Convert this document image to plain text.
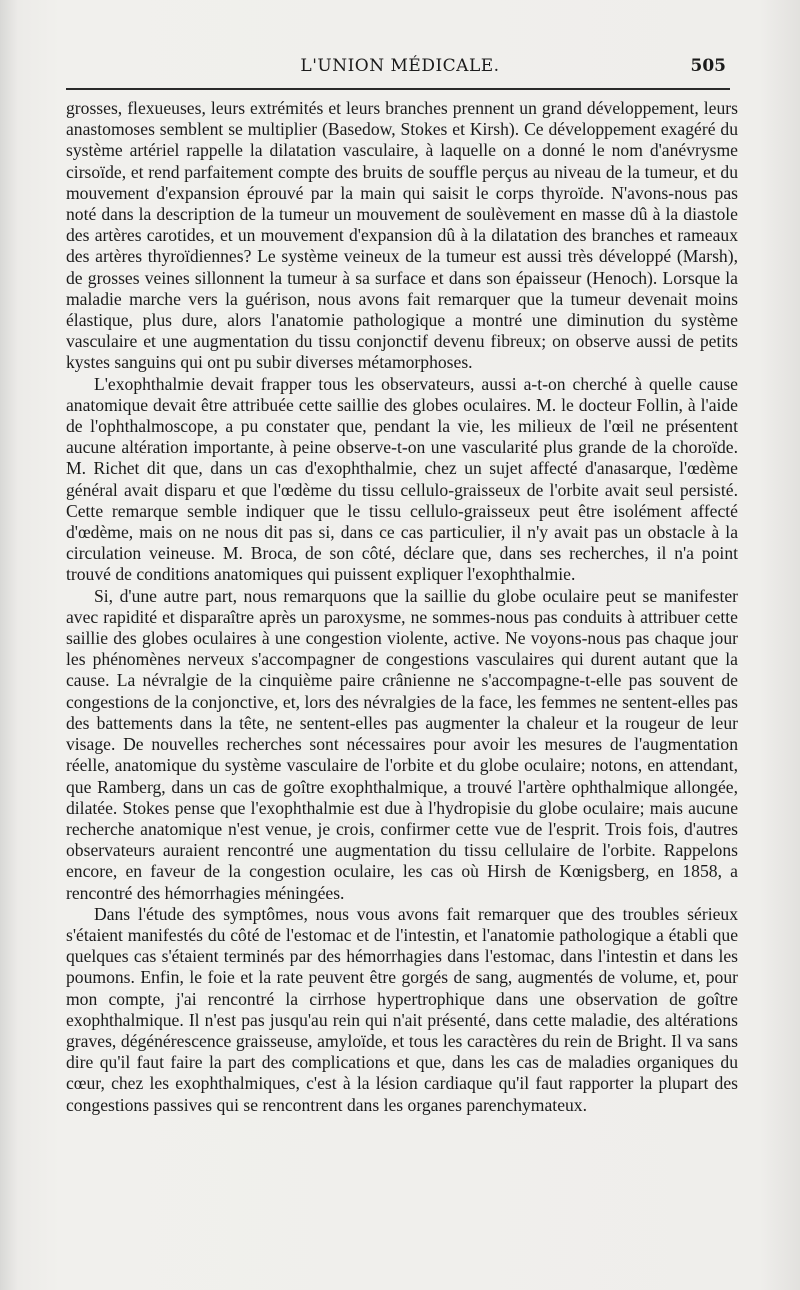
L'UNION MÉDICALE.	505

grosses, flexueuses, leurs extrémités et leurs branches prennent un grand développement, leurs anastomoses semblent se multiplier (Basedow, Stokes et Kirsh). Ce développement exagéré du système artériel rappelle la dilatation vasculaire, à laquelle on a donné le nom d'anévrysme cirsoïde, et rend parfaitement compte des bruits de souffle perçus au niveau de la tumeur, et du mouvement d'expansion éprouvé par la main qui saisit le corps thyroïde. N'avons-nous pas noté dans la description de la tumeur un mouvement de soulèvement en masse dû à la diastole des artères carotides, et un mouvement d'expansion dû à la dilatation des branches et rameaux des artères thyroïdiennes? Le système veineux de la tumeur est aussi très développé (Marsh), de grosses veines sillonnent la tumeur à sa surface et dans son épaisseur (Henoch). Lorsque la maladie marche vers la guérison, nous avons fait remarquer que la tumeur devenait moins élastique, plus dure, alors l'anatomie pathologique a montré une diminution du système vasculaire et une augmentation du tissu conjonctif devenu fibreux; on observe aussi de petits kystes sanguins qui ont pu subir diverses métamorphoses.

L'exophthalmie devait frapper tous les observateurs, aussi a-t-on cherché à quelle cause anatomique devait être attribuée cette saillie des globes oculaires. M. le docteur Follin, à l'aide de l'ophthalmoscope, a pu constater que, pendant la vie, les milieux de l'œil ne présentent aucune altération importante, à peine observe-t-on une vascularité plus grande de la choroïde. M. Richet dit que, dans un cas d'exophthalmie, chez un sujet affecté d'anasarque, l'œdème général avait disparu et que l'œdème du tissu cellulo-graisseux de l'orbite avait seul persisté. Cette remarque semble indiquer que le tissu cellulo-graisseux peut être isolément affecté d'œdème, mais on ne nous dit pas si, dans ce cas particulier, il n'y avait pas un obstacle à la circulation veineuse. M. Broca, de son côté, déclare que, dans ses recherches, il n'a point trouvé de conditions anatomiques qui puissent expliquer l'exophthalmie.

Si, d'une autre part, nous remarquons que la saillie du globe oculaire peut se manifester avec rapidité et disparaître après un paroxysme, ne sommes-nous pas conduits à attribuer cette saillie des globes oculaires à une congestion violente, active. Ne voyons-nous pas chaque jour les phénomènes nerveux s'accompagner de congestions vasculaires qui durent autant que la cause. La névralgie de la cinquième paire crânienne ne s'accompagne-t-elle pas souvent de congestions de la conjonctive, et, lors des névralgies de la face, les femmes ne sentent-elles pas des battements dans la tête, ne sentent-elles pas augmenter la chaleur et la rougeur de leur visage. De nouvelles recherches sont nécessaires pour avoir les mesures de l'augmentation réelle, anatomique du système vasculaire de l'orbite et du globe oculaire; notons, en attendant, que Ramberg, dans un cas de goître exophthalmique, a trouvé l'artère ophthalmique allongée, dilatée. Stokes pense que l'exophthalmie est due à l'hydropisie du globe oculaire; mais aucune recherche anatomique n'est venue, je crois, confirmer cette vue de l'esprit. Trois fois, d'autres observateurs auraient rencontré une augmentation du tissu cellulaire de l'orbite. Rappelons encore, en faveur de la congestion oculaire, les cas où Hirsh de Kœnigsberg, en 1858, a rencontré des hémorrhagies méningées.

Dans l'étude des symptômes, nous vous avons fait remarquer que des troubles sérieux s'étaient manifestés du côté de l'estomac et de l'intestin, et l'anatomie pathologique a établi que quelques cas s'étaient terminés par des hémorrhagies dans l'estomac, dans l'intestin et dans les poumons. Enfin, le foie et la rate peuvent être gorgés de sang, augmentés de volume, et, pour mon compte, j'ai rencontré la cirrhose hypertrophique dans une observation de goître exophthalmique. Il n'est pas jusqu'au rein qui n'ait présenté, dans cette maladie, des altérations graves, dégénérescence graisseuse, amyloïde, et tous les caractères du rein de Bright. Il va sans dire qu'il faut faire la part des complications et que, dans les cas de maladies organiques du cœur, chez les exophthalmiques, c'est à la lésion cardiaque qu'il faut rapporter la plupart des congestions passives qui se rencontrent dans les organes parenchymateux.
